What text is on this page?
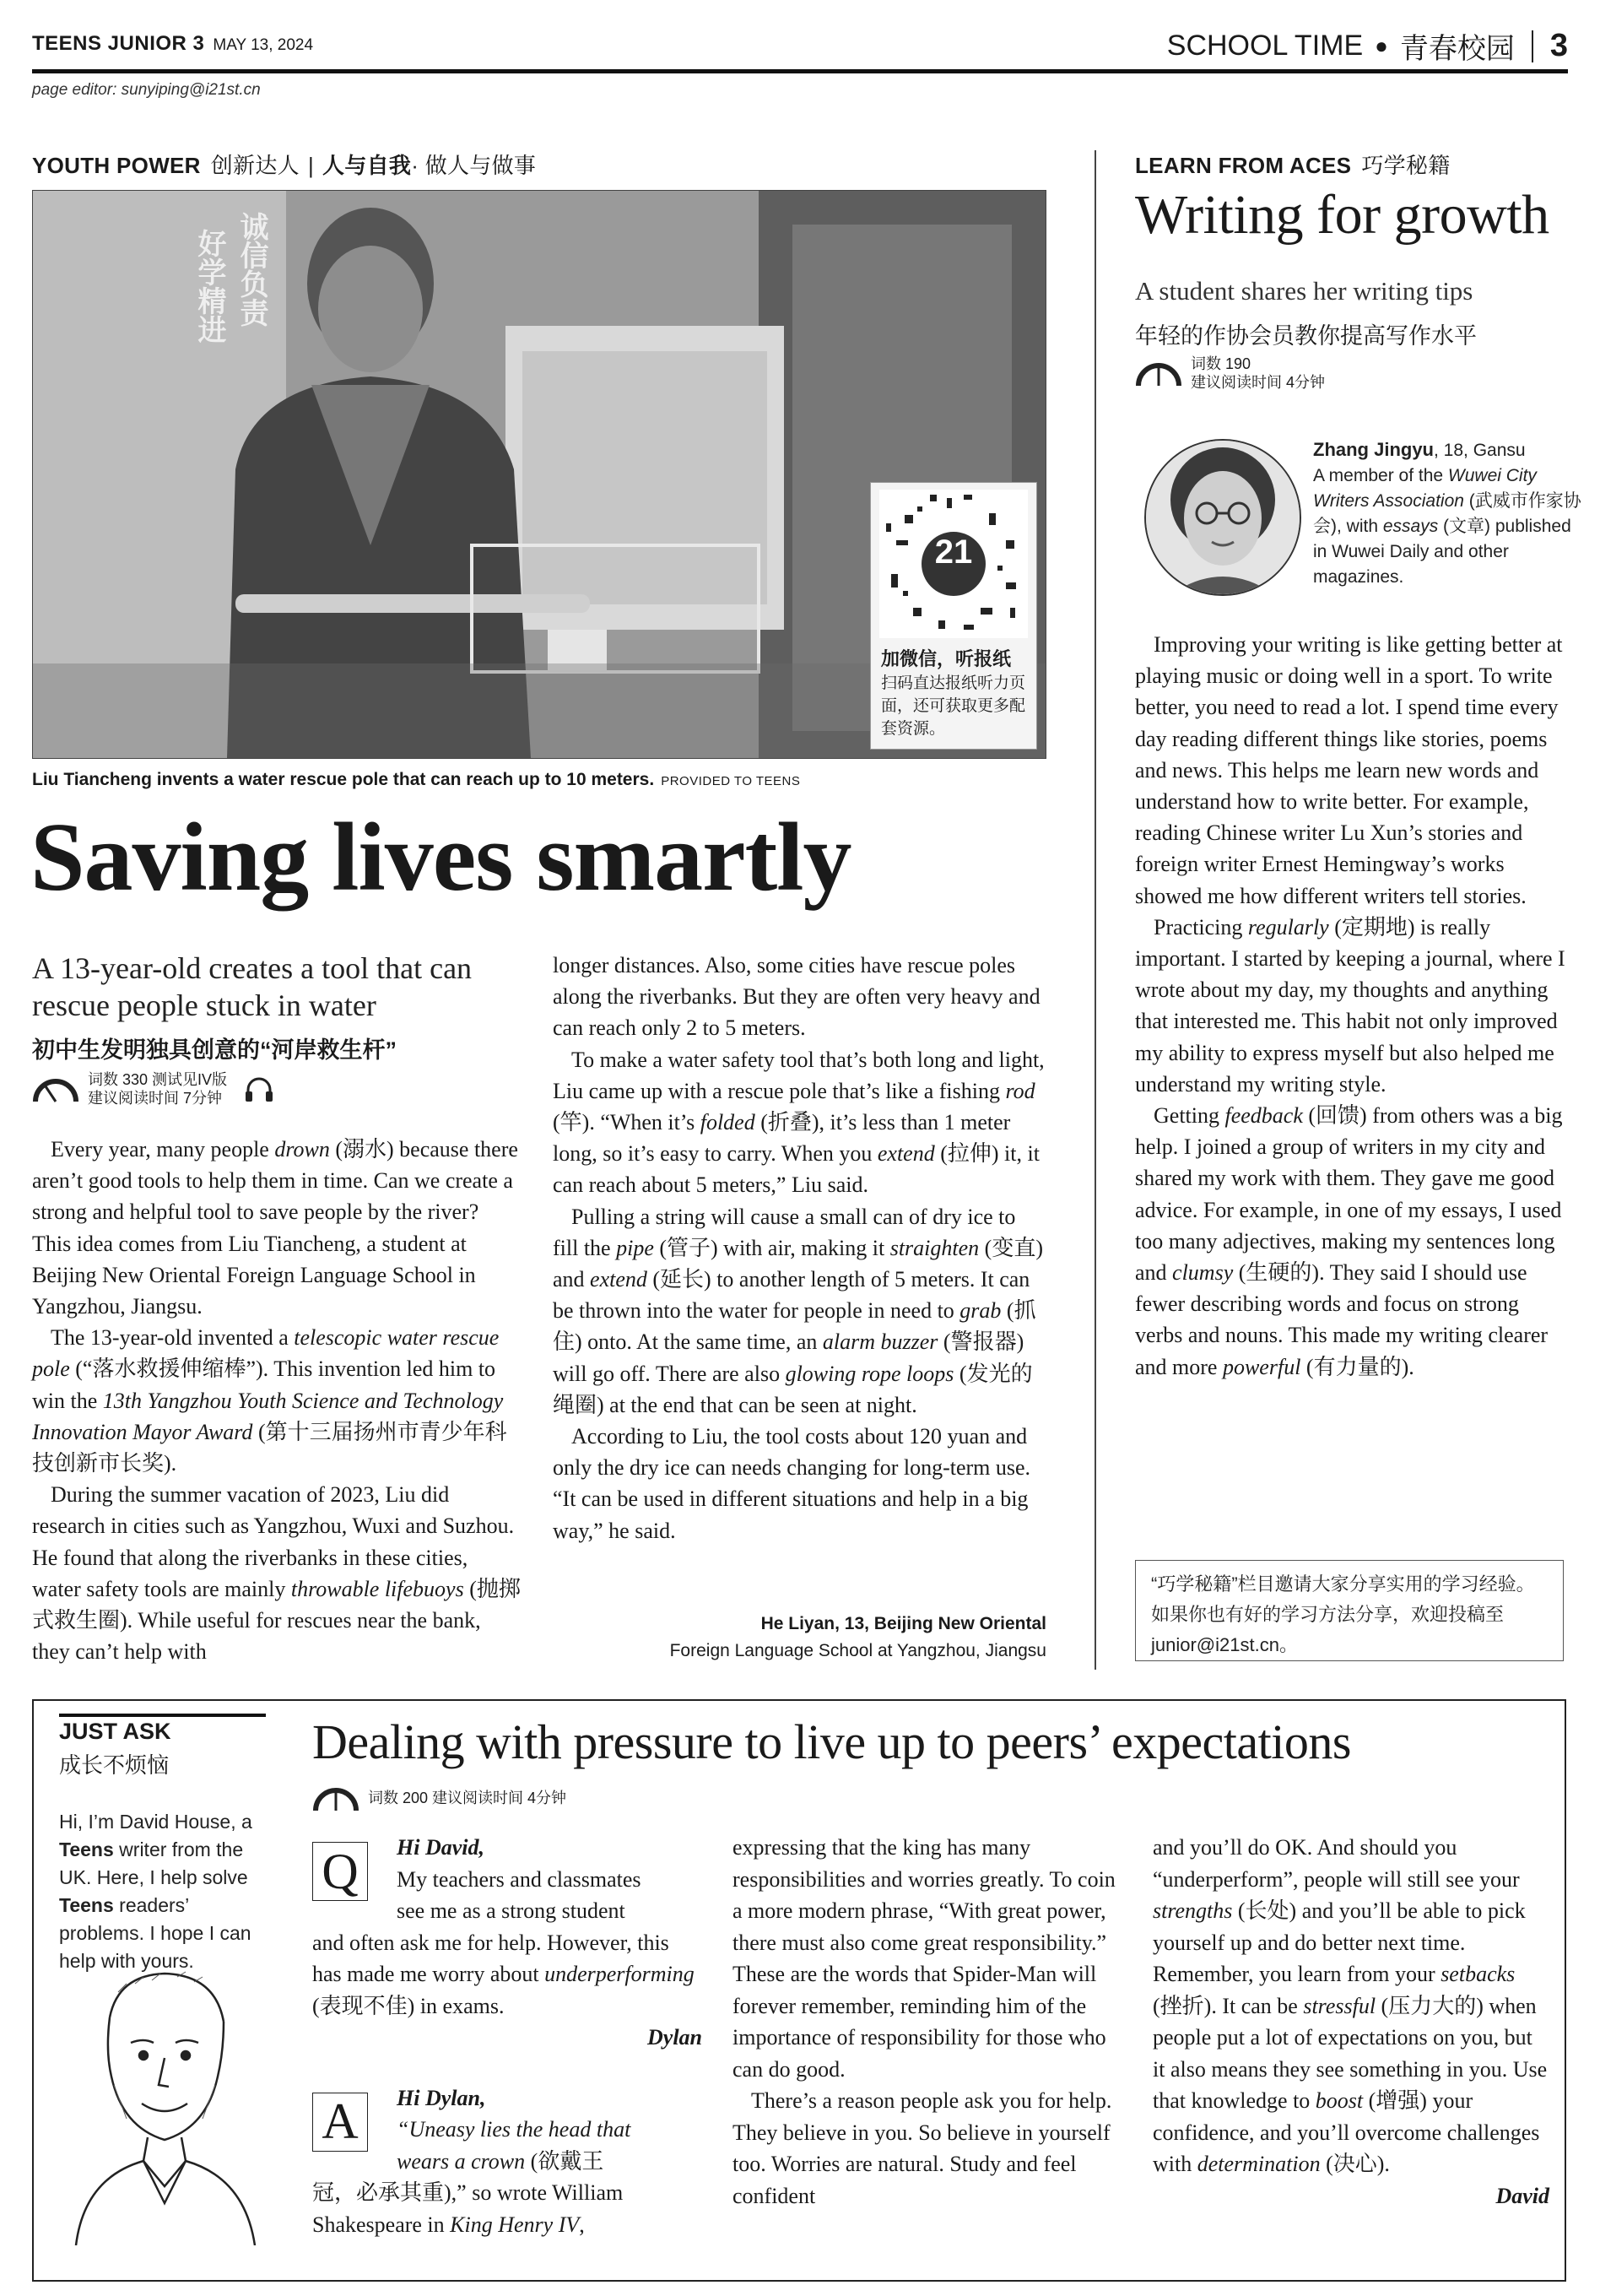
TEENS JUNIOR 3 MAY 13, 2024	SCHOOL TIME ● 青春校园 3
page editor: sunyiping@i21st.cn
YOUTH POWER 创新达人 | 人与自我· 做人与做事
诚信负责
好学精进
21
加微信，听报纸
扫码直达报纸听力页面，还可获取更多配套资源。
Liu Tiancheng invents a water rescue pole that can reach up to 10 meters. PROVIDED TO TEENS
Saving lives smartly
A 13-year-old creates a tool that can rescue people stuck in water
初中生发明独具创意的“河岸救生杆”
词数 330 测试见IV版
建议阅读时间 7分钟

Every year, many people drown (溺水) because there aren’t good tools to help them in time. Can we create a strong and helpful tool to save people by the river? This idea comes from Liu Tiancheng, a student at Beijing New Oriental Foreign Language School in Yangzhou, Jiangsu.

The 13-year-old invented a telescopic water rescue pole (“落水救援伸缩棒”). This invention led him to win the 13th Yangzhou Youth Science and Technology Innovation Mayor Award (第十三届扬州市青少年科技创新市长奖).

During the summer vacation of 2023, Liu did research in cities such as Yangzhou, Wuxi and Suzhou. He found that along the riverbanks in these cities, water safety tools are mainly throwable lifebuoys (抛掷式救生圈). While useful for rescues near the bank, they can’t help with

longer distances. Also, some cities have rescue poles along the riverbanks. But they are often very heavy and can reach only 2 to 5 meters.

To make a water safety tool that’s both long and light, Liu came up with a rescue pole that’s like a fishing rod (竿). “When it’s folded (折叠), it’s less than 1 meter long, so it’s easy to carry. When you extend (拉伸) it, it can reach about 5 meters,” Liu said.

Pulling a string will cause a small can of dry ice to fill the pipe (管子) with air, making it straighten (变直) and extend (延长) to another length of 5 meters. It can be thrown into the water for people in need to grab (抓住) onto. At the same time, an alarm buzzer (警报器) will go off. There are also glowing rope loops (发光的绳圈) at the end that can be seen at night.

According to Liu, the tool costs about 120 yuan and only the dry ice can needs changing for long-term use. “It can be used in different situations and help in a big way,” he said.

He Liyan, 13, Beijing New Oriental
Foreign Language School at Yangzhou, Jiangsu
LEARN FROM ACES 巧学秘籍
Writing for growth
A student shares her writing tips
年轻的作协会员教你提高写作水平
词数 190
建议阅读时间 4分钟
Zhang Jingyu, 18, Gansu
A member of the Wuwei City Writers Association (武威市作家协会), with essays (文章) published in Wuwei Daily and other magazines.

Improving your writing is like getting better at playing music or doing well in a sport. To write better, you need to read a lot. I spend time every day reading different things like stories, poems and news. This helps me learn new words and understand how to write better. For example, reading Chinese writer Lu Xun’s stories and foreign writer Ernest Hemingway’s works showed me how different writers tell stories.

Practicing regularly (定期地) is really important. I started by keeping a journal, where I wrote about my day, my thoughts and anything that interested me. This habit not only improved my ability to express myself but also helped me understand my writing style.

Getting feedback (回馈) from others was a big help. I joined a group of writers in my city and shared my work with them. They gave me good advice. For example, in one of my essays, I used too many adjectives, making my sentences long and clumsy (生硬的). They said I should use fewer describing words and focus on strong verbs and nouns. This made my writing clearer and more powerful (有力量的).

“巧学秘籍”栏目邀请大家分享实用的学习经验。如果你也有好的学习方法分享，欢迎投稿至junior@i21st.cn。
JUST ASK
成长不烦恼
Hi, I’m David House, a Teens writer from the UK. Here, I help solve Teens readers’ problems. I hope I can help with yours.
Dealing with pressure to live up to peers’ expectations
词数 200 建议阅读时间 4分钟
Q	Hi David,
My teachers and classmates
see me as a strong student
and often ask me for help. However, this has made me worry about underperforming (表现不佳) in exams.
Dylan
A	Hi Dylan,
“Uneasy lies the head that
wears a crown (欲戴王
冠，必承其重),” so wrote William Shakespeare in King Henry IV,

expressing that the king has many responsibilities and worries greatly. To coin a more modern phrase, “With great power, there must also come great responsibility.” These are the words that Spider-Man will forever remember, reminding him of the importance of responsibility for those who can do good.

There’s a reason people ask you for help. They believe in you. So believe in yourself too. Worries are natural. Study and feel confident

and you’ll do OK. And should you “underperform”, people will still see your strengths (长处) and you’ll be able to pick yourself up and do better next time. Remember, you learn from your setbacks (挫折). It can be stressful (压力大的) when people put a lot of expectations on you, but it also means they see something in you. Use that knowledge to boost (增强) your confidence, and you’ll overcome challenges with determination (决心).

David
